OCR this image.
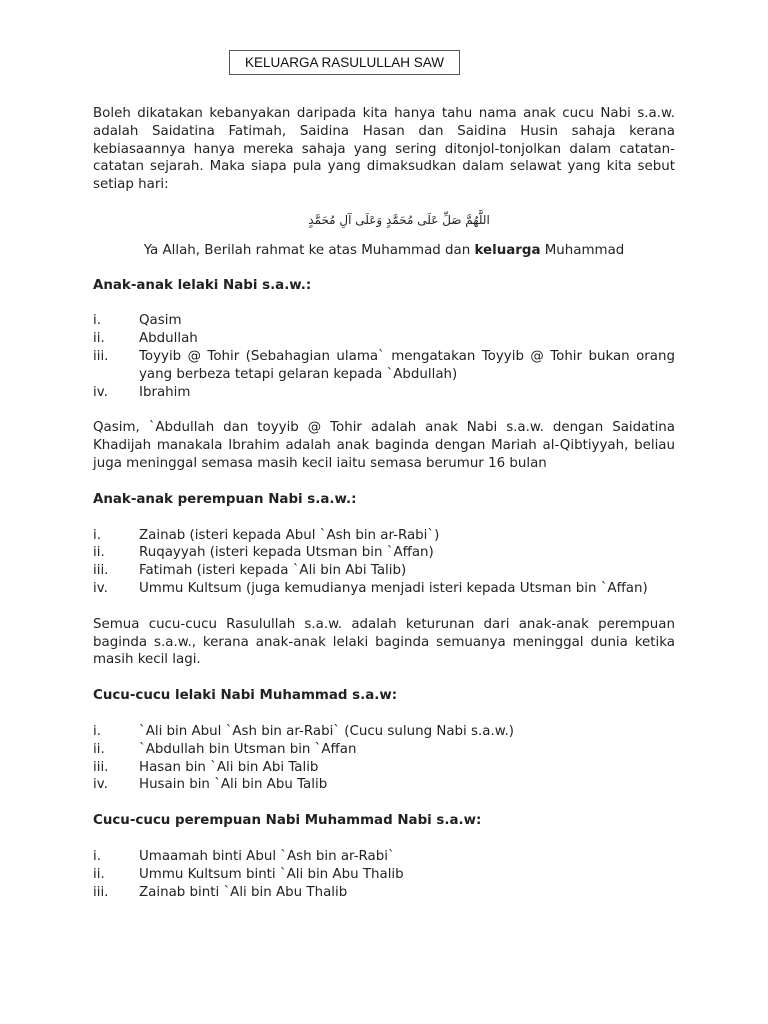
KELUARGA RASULULLAH SAW

Boleh dikatakan kebanyakan daripada kita hanya tahu nama anak cucu Nabi s.a.w. adalah Saidatina Fatimah, Saidina Hasan dan Saidina Husin sahaja kerana kebiasaannya hanya mereka sahaja yang sering ditonjol-tonjolkan dalam catatan-catatan sejarah. Maka siapa pula yang dimaksudkan dalam selawat yang kita sebut setiap hari:

اللَّهُمَّ صَلِّ عَلَى مُحَمَّدٍ وَعَلَى آلِ مُحَمَّدٍ
Ya Allah, Berilah rahmat ke atas Muhammad dan keluarga Muhammad

Anak-anak lelaki Nabi s.a.w.:

i.	Qasim
ii.	Abdullah
iii.	Toyyib @ Tohir (Sebahagian ulama` mengatakan Toyyib @ Tohir bukan orang yang berbeza tetapi gelaran kepada `Abdullah)
iv.	Ibrahim

Qasim, `Abdullah dan toyyib @ Tohir adalah anak Nabi s.a.w. dengan Saidatina Khadijah manakala Ibrahim adalah anak baginda dengan Mariah al-Qibtiyyah, beliau juga meninggal semasa masih kecil iaitu semasa berumur 16 bulan

Anak-anak perempuan Nabi s.a.w.:

i.	Zainab (isteri kepada Abul `Ash bin ar-Rabi`)
ii.	Ruqayyah (isteri kepada Utsman bin `Affan)
iii.	Fatimah (isteri kepada `Ali bin Abi Talib)
iv.	Ummu Kultsum (juga kemudianya menjadi isteri kepada Utsman bin `Affan)

Semua cucu-cucu Rasulullah s.a.w. adalah keturunan dari anak-anak perempuan baginda s.a.w., kerana anak-anak lelaki baginda semuanya meninggal dunia ketika masih kecil lagi.

Cucu-cucu lelaki Nabi Muhammad s.a.w:

i.	`Ali bin Abul `Ash bin ar-Rabi` (Cucu sulung Nabi s.a.w.)
ii.	`Abdullah bin Utsman bin `Affan
iii.	Hasan bin `Ali bin Abi Talib
iv.	Husain bin `Ali bin Abu Talib

Cucu-cucu perempuan Nabi Muhammad Nabi s.a.w:

i.	Umaamah binti Abul `Ash bin ar-Rabi`
ii.	Ummu Kultsum binti `Ali bin Abu Thalib
iii.	Zainab binti `Ali bin Abu Thalib
